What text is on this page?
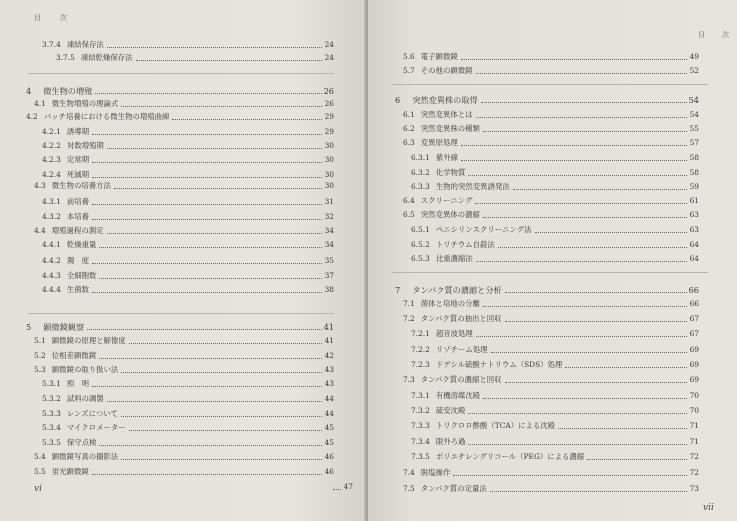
目　次
3.7.4 凍結保存法	24
3.7.5 凍結乾燥保存法	24
4	微生物の増殖	26
4.1 微生物増殖の理論式	26
4.2 バッチ培養における微生物の増殖曲線	29
4.2.1 誘導期	29
4.2.2 対数増殖期	30
4.2.3 定常期	30
4.2.4 死滅期	30
4.3 微生物の培養方法	30
4.3.1 前培養	31
4.3.2 本培養	32
4.4 増殖過程の測定	34
4.4.1 乾燥重量	34
4.4.2 濁　度	35
4.4.3 全細胞数	37
4.4.4 生菌数	38
5	顕微鏡観察	41
5.1 顕微鏡の原理と解像度	41
5.2 位相差顕微鏡	42
5.3 顕微鏡の取り扱い法	43
5.3.1 照　明	43
5.3.2 試料の調製	44
5.3.3 レンズについて	44
5.3.4 マイクロメーター	45
5.3.5 保守点検	45
5.4 顕微鏡写真の撮影法	46
5.5 蛍光顕微鏡	46
47
vi
目　次
5.6 電子顕微鏡	49
5.7 その他の顕微鏡	52
6	突然変異株の取得	54
6.1 突然変異体とは	54
6.2 突然変異株の種類	55
6.3 変異原処理	57
6.3.1 紫外線	58
6.3.2 化学物質	58
6.3.3 生物的突然変異誘発法	59
6.4 スクリーニング	61
6.5 突然変異体の濃縮	63
6.5.1 ペニシリンスクリーニング法	63
6.5.2 トリチウム自殺法	64
6.5.3 比重濃縮法	64
7	タンパク質の濃縮と分析	66
7.1 菌体と培地の分離	66
7.2 タンパク質の抽出と回収	67
7.2.1 超音波処理	67
7.2.2 リゾチーム処理	69
7.2.3 ドデシル硫酸ナトリウム（SDS）処理	69
7.3 タンパク質の濃縮と回収	69
7.3.1 有機溶媒沈殿	70
7.3.2 硫安沈殿	70
7.3.3 トリクロロ酢酸（TCA）による沈殿	71
7.3.4 限外ろ過	71
7.3.5 ポリエチレングリコール（PEG）による濃縮	72
7.4 脱塩操作	72
7.5 タンパク質の定量法	73
vii
